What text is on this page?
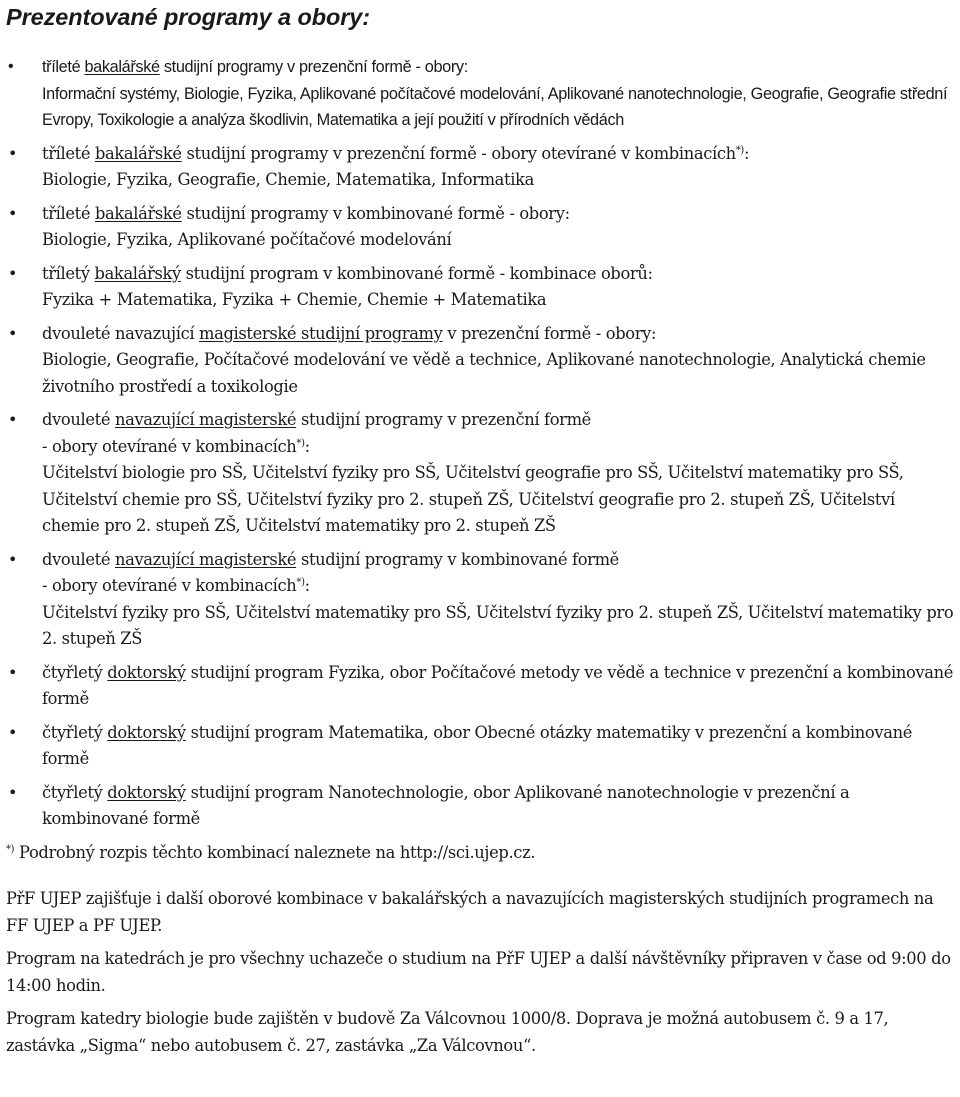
Prezentované programy a obory:
• tříleté bakalářské studijní programy v prezenční formě - obory:
Informační systémy, Biologie, Fyzika, Aplikované počítačové modelování, Aplikované nanotechnologie, Geografie, Geografie střední Evropy, Toxikologie a analýza škodlivin, Matematika a její použití v přírodních vědách
• tříleté bakalářské studijní programy v prezenční formě - obory otevírané v kombinacích*):
Biologie, Fyzika, Geografie, Chemie, Matematika, Informatika
• tříleté bakalářské studijní programy v kombinované formě - obory:
Biologie, Fyzika, Aplikované počítačové modelování
• tříletý bakalářský studijní program v kombinované formě - kombinace oborů:
Fyzika + Matematika, Fyzika + Chemie, Chemie + Matematika
• dvouleté navazující magisterské studijní programy v prezenční formě - obory:
Biologie, Geografie, Počítačové modelování ve vědě a technice, Aplikované nanotechnologie, Analytická chemie životního prostředí a toxikologie
• dvouleté navazující magisterské studijní programy v prezenční formě
- obory otevírané v kombinacích*):
Učitelství biologie pro SŠ, Učitelství fyziky pro SŠ, Učitelství geografie pro SŠ, Učitelství matematiky pro SŠ, Učitelství chemie pro SŠ, Učitelství fyziky pro 2. stupeň ZŠ, Učitelství geografie pro 2. stupeň ZŠ, Učitelství chemie pro 2. stupeň ZŠ, Učitelství matematiky pro 2. stupeň ZŠ
• dvouleté navazující magisterské studijní programy v kombinované formě
- obory otevírané v kombinacích*):
Učitelství fyziky pro SŠ, Učitelství matematiky pro SŠ, Učitelství fyziky pro 2. stupeň ZŠ, Učitelství matematiky pro 2. stupeň ZŠ
• čtyřletý doktorský studijní program Fyzika, obor Počítačové metody ve vědě a technice v prezenční a kombinované formě
• čtyřletý doktorský studijní program Matematika, obor Obecné otázky matematiky v prezenční a kombinované formě
• čtyřletý doktorský studijní program Nanotechnologie, obor Aplikované nanotechnologie v prezenční a kombinované formě

*) Podrobný rozpis těchto kombinací naleznete na http://sci.ujep.cz.

PřF UJEP zajišťuje i další oborové kombinace v bakalářských a navazujících magisterských studijních programech na FF UJEP a PF UJEP.

Program na katedrách je pro všechny uchazeče o studium na PřF UJEP a další návštěvníky připraven v čase od 9:00 do 14:00 hodin.

Program katedry biologie bude zajištěn v budově Za Válcovnou 1000/8. Doprava je možná autobusem č. 9 a 17, zastávka „Sigma“ nebo autobusem č. 27, zastávka „Za Válcovnou“.
